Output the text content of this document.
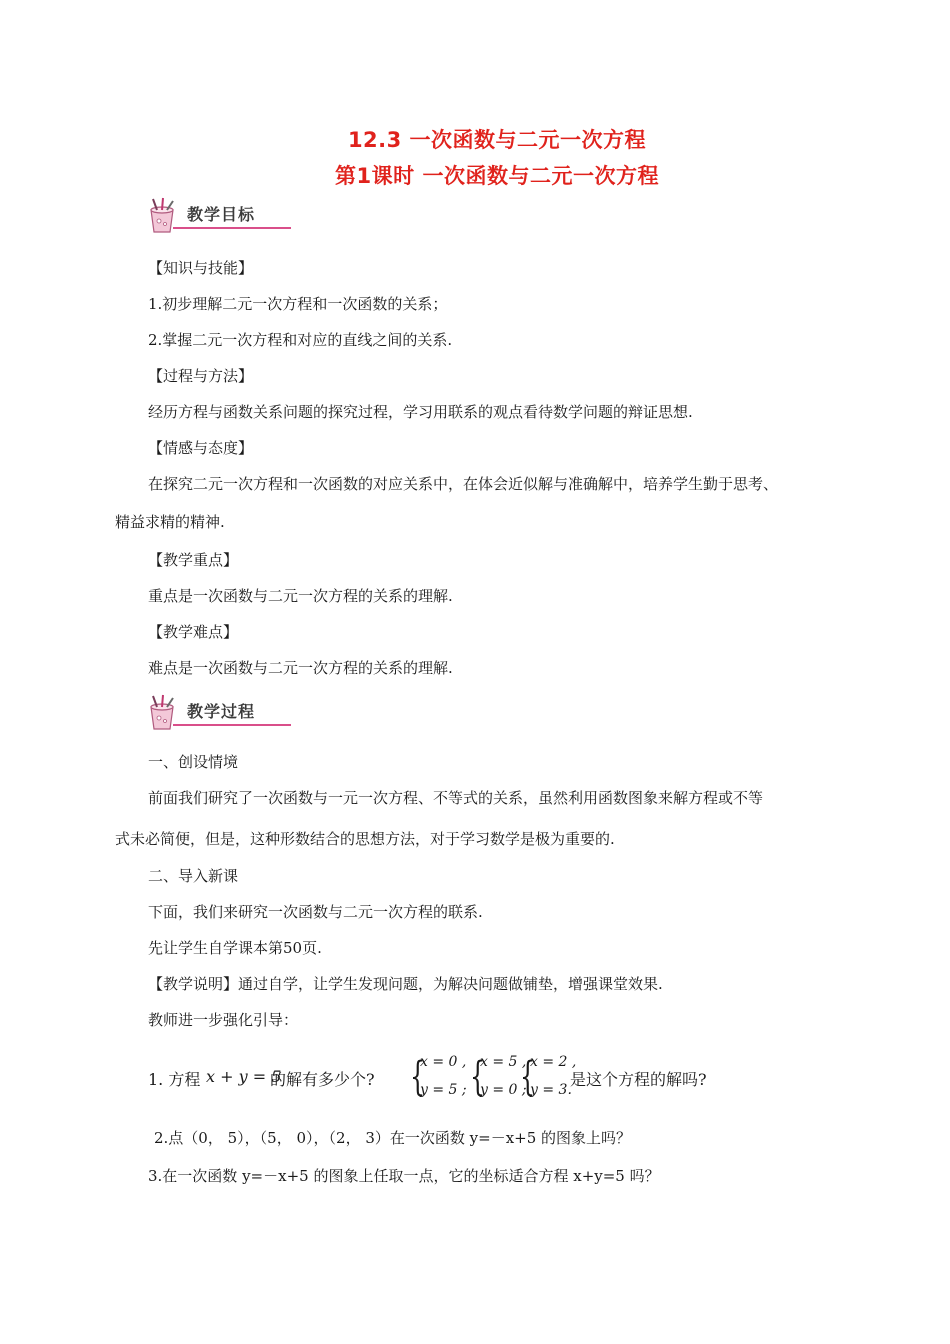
12.3 一次函数与二元一次方程
第1课时 一次函数与二元一次方程
教学目标
【知识与技能】
1.初步理解二元一次方程和一次函数的关系；
2.掌握二元一次方程和对应的直线之间的关系.
【过程与方法】
经历方程与函数关系问题的探究过程，学习用联系的观点看待数学问题的辩证思想.
【情感与态度】
在探究二元一次方程和一次函数的对应关系中，在体会近似解与准确解中，培养学生勤于思考、
精益求精的精神.
【教学重点】
重点是一次函数与二元一次方程的关系的理解.
【教学难点】
难点是一次函数与二元一次方程的关系的理解.
教学过程
一、创设情境
前面我们研究了一次函数与一元一次方程、不等式的关系，虽然利用函数图象来解方程或不等
式未必简便，但是，这种形数结合的思想方法，对于学习数学是极为重要的.
二、导入新课
下面，我们来研究一次函数与二元一次方程的联系.
先让学生自学课本第50页.
【教学说明】通过自学，让学生发现问题，为解决问题做铺垫，增强课堂效果.
教师进一步强化引导：
1. 方程 x + y = 5
的解有多少个? {
x = 0 ,
y = 5 ; {
x = 5 ,
y = 0 ;
{
x = 2 ,
y = 3.
是这个方程的解吗?
2.点（0， 5），（5， 0），（2， 3）在一次函数 y=－x+5 的图象上吗？
3.在一次函数 y=－x+5 的图象上任取一点，它的坐标适合方程 x+y=5 吗？
